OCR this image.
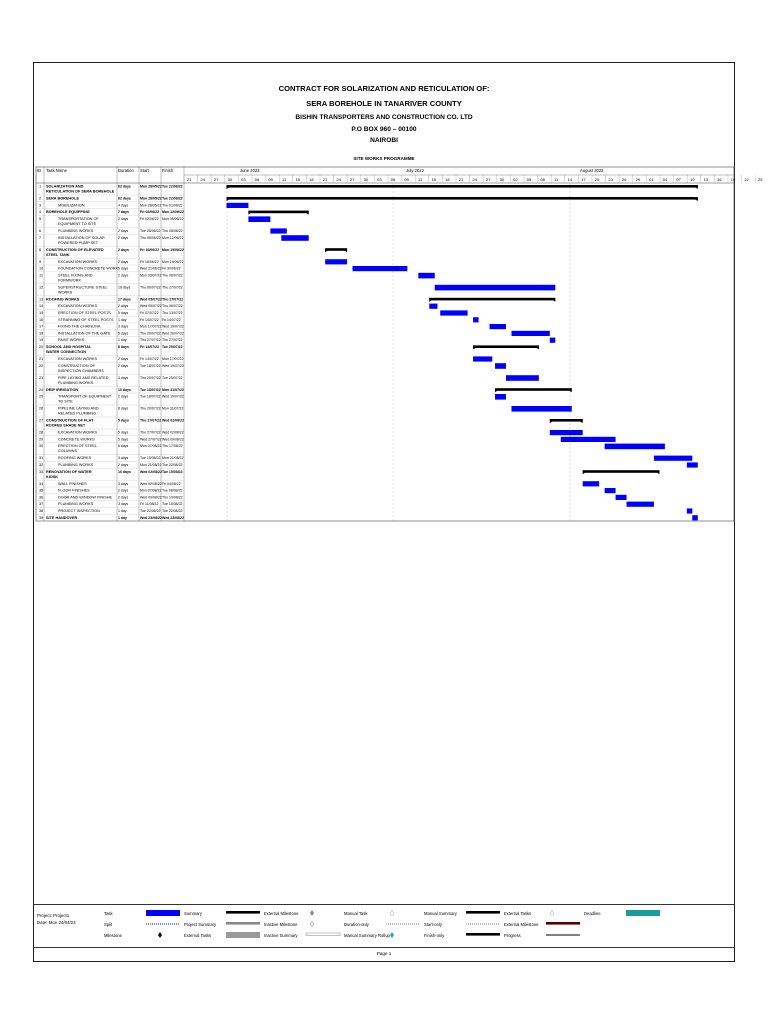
CONTRACT FOR SOLARIZATION AND RETICULATION OF:
SERA BOREHOLE IN TANARIVER COUNTY
BISHIN TRANSPORTERS AND CONSTRUCTION CO. LTD
P.O BOX 960 – 00100
NAIROBI
SITE WORKS PROGRAMME
ID Task Name	Duration Start	Finish	June 2022	July 2022	August 2022
21 24 27 30 03 06 09 12 15 18 21 24 27 30 03 06 09 12 15 18 21 24 27 30 02 05 08 11 14 17 20 23 26 29 01 04 07 10 13 16 19 22 25
1 SOLARIZATION AND
RETICULATION OF SERA BOREHOLE
62 days	Mon 28/05/22 Tue 22/08/22
2 SERA BOREHOLE	62 days	Mon 28/05/22 Tue 22/08/22
3	MOBILIZATION	4 days	Mon 28/05/22 Thu 01/06/22
4 BOREHOLE EQUIPPING	7 days	Fri 02/06/22 Mon 12/06/22
5	TRANSPORTATION OF
EQUIPMENT TO SITE
2 days	Fri 02/06/22 Mon 05/06/22
6	PLUMBING WORKS	2 days	Tue 06/06/22 Thu 08/06/22
7	INSTALLATION OF SOLAR
POWERED PUMP SET
2 days	Thu 08/06/22 Mon 12/06/22
8 CONSTRUCTION OF ELEVATED
STEEL TANK
2 days	Fri 16/06/22 Mon 19/06/22
9	EXCAVATION WORKS	2 days	Fri 16/06/22 Mon 19/06/22
10	FOUNDATION CONCRETE WORK 5 days	Wed 21/06/22 Fri 30/06/22
11	STEEL FIXING AND
FORMWORK
2 days	Mon 03/07/22 Thu 06/07/22
12	SUPERSTRUCTURE STEEL
WORKS
16 days	Thu 06/07/22 Thu 27/07/22
13 ROOFING WORKS	17 days	Wed 05/07/22 Thu 27/07/22
14	EXCAVATION WORKS	2 days	Wed 05/07/22 Thu 06/07/22
15	ERECTION OF STEEL POSTS 5 days	Fri 07/07/22 Thu 13/07/22
16	STRANNING OF STEEL POSTS 1 day	Fri 14/07/22 Fri 14/07/22
17	FIXING THE CHAINLINK	3 days	Mon 17/07/22 Wed 19/07/22
18	INSTALLATION OF THE GATE 5 days	Thu 20/07/22 Wed 26/07/22
19	PAINT WORKS	1 day	Thu 27/07/22 Thu 27/07/22
20 SCHOOL AND HOSPITAL
WATER CONNECTION
8 days	Fri 14/07/22 Tue 25/07/22
21	EXCAVATION WORKS	2 days	Fri 14/07/22 Mon 17/07/22
22	CONSTRUCTION OF
INSPECTION CHAMBERS
2 days	Tue 18/07/22 Wed 19/07/22
23	PIPE LAYING AND RELATED
PLUMBING WORKS
4 days	Thu 20/07/22 Tue 25/07/22
24 DRIP IRRIGATION	10 days	Tue 18/07/22 Mon 31/07/22
25	TRANSPORT OF EQUIPMENT
TO SITE
2 days	Tue 18/07/22 Wed 19/07/22
26	PIPELINE LAYING AND
RELATED PLUMBING
8 days	Thu 20/07/22 Mon 31/07/22
27 CONSTRUCTION OF FLAT
ROOFED SHADE NET
5 days	Thu 27/07/22 Wed 02/08/22
28	EXCAVATION WORKS	5 days	Thu 27/07/22 Wed 02/08/22
29	CONCRETE WORKS	5 days	Wed 27/07/22 Wed 09/08/22
30	ERECTION OF STEEL
COLUMNS
6 days	Mon 07/08/22 Thu 17/08/22
31	ROOFING WORKS	3 days	Tue 15/08/22 Mon 21/08/22
32	PLUMBING WORKS	2 days	Mon 21/08/22 Tue 22/08/22
33 RENOVATION OF WATER
KIOSK
10 days	Wed 02/08/22 Tue 15/08/22
34	WALL FINISHES	3 days	Wed 02/08/22 Fri 04/08/22
35	FLOOR FINISHES	2 days	Mon 07/08/22 Tue 08/08/22
36	DOOR AND WINDOW FINISHE 2 days	Wed 09/08/22 Thu 10/08/22
37	PLUMBING WORKS	3 days	Fri 11/08/22 Tue 15/08/22
38	PROJECT INSPECTION	1 day	Tue 22/08/22 Tue 22/08/22
39 SITE HANDOVER	1 day	Wed 23/08/22 Wed 23/08/22
Project: Project1
Date: Mon 24/04/23
Task
Split
Milestone
Summary
Project Summary
External Tasks
External Milestone
Inactive Milestone
Inactive Summary
Manual Task
Duration-only
Manual Summary Rollup
Manual Summary
Start-only
Finish-only
External Tasks
External Milestone
Progress
Deadline
Page 1
